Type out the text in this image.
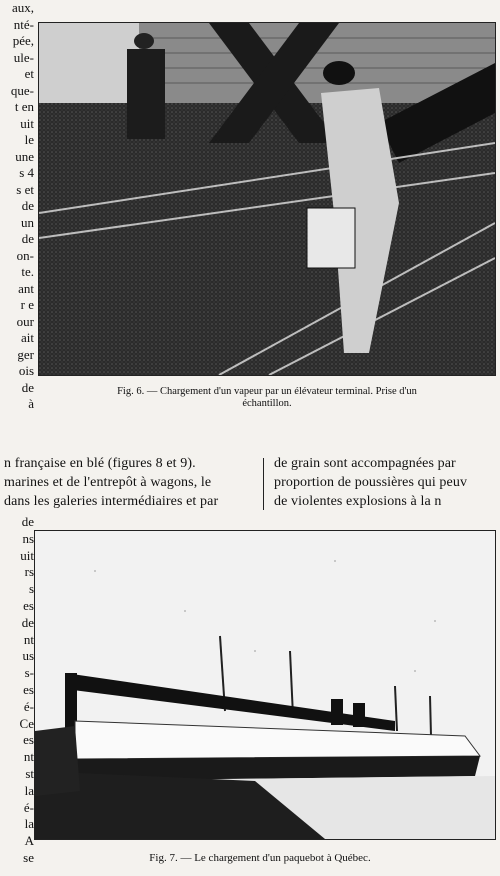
aux,
nté-
pée,
ule-
et
que-
t en
uit
le
une
s 4
s et
de
un
de
on-
te.
ant
r e
our
ait
ger
ois
de
à
de
ns
uit
rs
s
es
de
nt
us
s-
es
é-
Ce
es
nt
st
la
é-
la
A
se
Fig. 6. — Chargement d'un vapeur par un élévateur terminal. Prise d'un
échantillon.
n française en blé (figures 8 et 9).
marines et de l'entrepôt à wagons, le
dans les galeries intermédiaires et par
de grain sont accompagnées par
proportion de poussières qui peuv
de violentes explosions à la n
Fig. 7. — Le chargement d'un paquebot à Québec.
